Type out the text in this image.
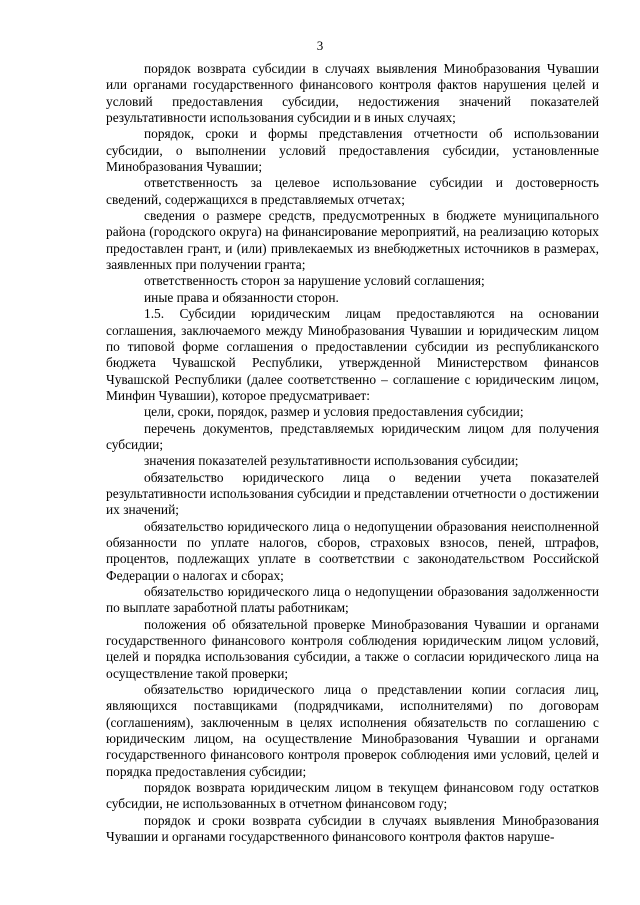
3

порядок возврата субсидии в случаях выявления Минобразования Чувашии или органами государственного финансового контроля фактов нарушения целей и условий предоставления субсидии, недостижения значений показателей результативности использования субсидии и в иных случаях;

порядок, сроки и формы представления отчетности об использовании субсидии, о выполнении условий предоставления субсидии, установленные Минобразования Чувашии;

ответственность за целевое использование субсидии и достоверность сведений, содержащихся в представляемых отчетах;

сведения о размере средств, предусмотренных в бюджете муниципального района (городского округа) на финансирование мероприятий, на реализацию которых предоставлен грант, и (или) привлекаемых из внебюджетных источников в размерах, заявленных при получении гранта;

ответственность сторон за нарушение условий соглашения;

иные права и обязанности сторон.

1.5. Субсидии юридическим лицам предоставляются на основании соглашения, заключаемого между Минобразования Чувашии и юридическим лицом по типовой форме соглашения о предоставлении субсидии из республиканского бюджета Чувашской Республики, утвержденной Министерством финансов Чувашской Республики (далее соответственно – соглашение с юридическим лицом, Минфин Чувашии), которое предусматривает:

цели, сроки, порядок, размер и условия предоставления субсидии;

перечень документов, представляемых юридическим лицом для получения субсидии;

значения показателей результативности использования субсидии;

обязательство юридического лица о ведении учета показателей результативности использования субсидии и представлении отчетности о достижении их значений;

обязательство юридического лица о недопущении образования неисполненной обязанности по уплате налогов, сборов, страховых взносов, пеней, штрафов, процентов, подлежащих уплате в соответствии с законодательством Российской Федерации о налогах и сборах;

обязательство юридического лица о недопущении образования задолженности по выплате заработной платы работникам;

положения об обязательной проверке Минобразования Чувашии и органами государственного финансового контроля соблюдения юридическим лицом условий, целей и порядка использования субсидии, а также о согласии юридического лица на осуществление такой проверки;

обязательство юридического лица о представлении копии согласия лиц, являющихся поставщиками (подрядчиками, исполнителями) по договорам (соглашениям), заключенным в целях исполнения обязательств по соглашению с юридическим лицом, на осуществление Минобразования Чувашии и органами государственного финансового контроля проверок соблюдения ими условий, целей и порядка предоставления субсидии;

порядок возврата юридическим лицом в текущем финансовом году остатков субсидии, не использованных в отчетном финансовом году;

порядок и сроки возврата субсидии в случаях выявления Минобразования Чувашии и органами государственного финансового контроля фактов наруше-
